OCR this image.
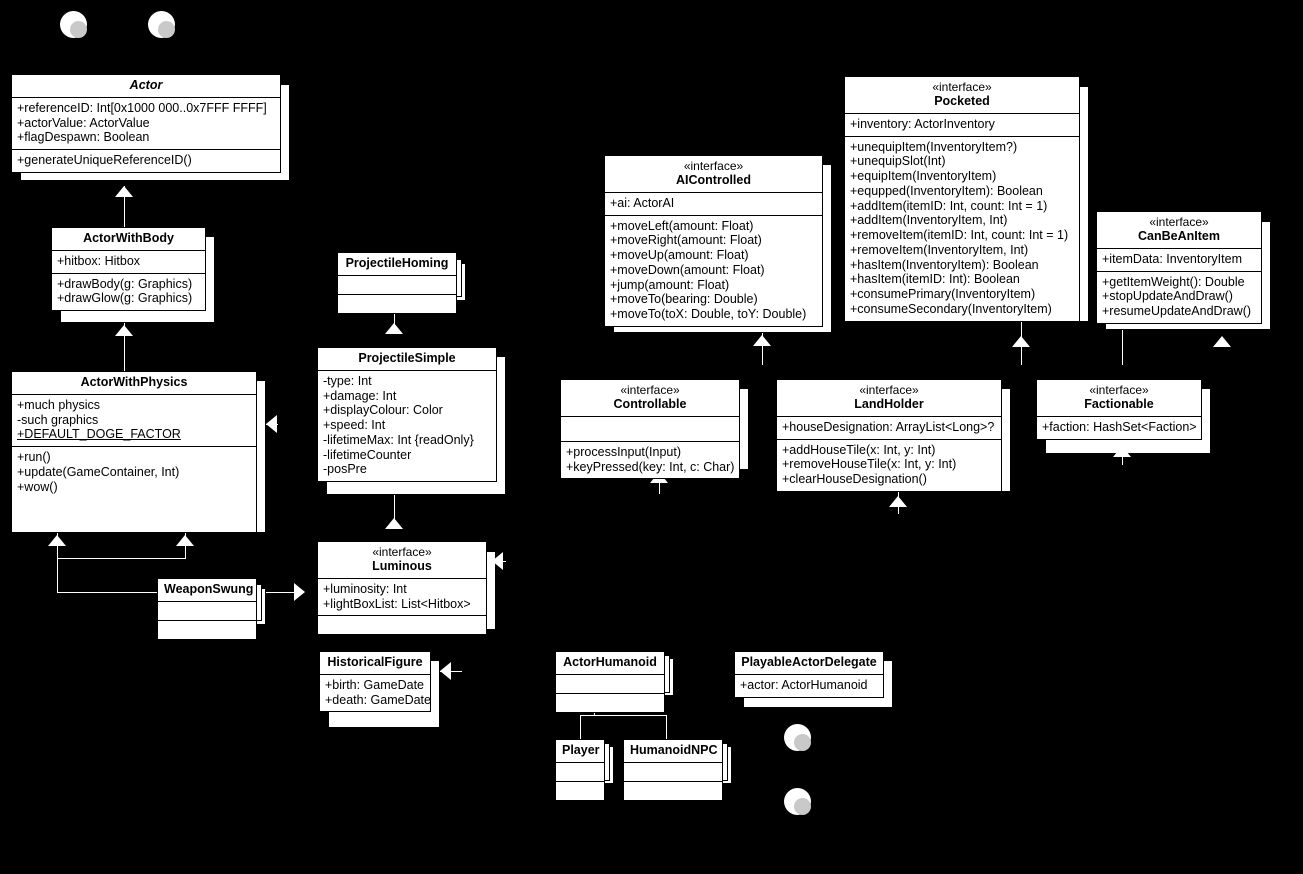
Actor
+referenceID: Int[0x1000 000..0x7FFF FFFF]
+actorValue: ActorValue
+flagDespawn: Boolean
+generateUniqueReferenceID()
ActorWithBody
+hitbox: Hitbox
+drawBody(g: Graphics)
+drawGlow(g: Graphics)
ActorWithPhysics
+much physics
-such graphics
+DEFAULT_DOGE_FACTOR
+run()
+update(GameContainer, Int)
+wow()
WeaponSwung
ProjectileHoming
ProjectileSimple
-type: Int
+damage: Int
+displayColour: Color
+speed: Int
-lifetimeMax: Int {readOnly}
-lifetimeCounter
-posPre
«interface»
Luminous
+luminosity: Int
+lightBoxList: List<Hitbox>
HistoricalFigure
+birth: GameDate
+death: GameDate
«interface»
AIControlled
+ai: ActorAI
+moveLeft(amount: Float)
+moveRight(amount: Float)
+moveUp(amount: Float)
+moveDown(amount: Float)
+jump(amount: Float)
+moveTo(bearing: Double)
+moveTo(toX: Double, toY: Double)
«interface»
Pocketed
+inventory: ActorInventory
+unequipItem(InventoryItem?)
+unequipSlot(Int)
+equipItem(InventoryItem)
+equpped(InventoryItem): Boolean
+addItem(itemID: Int, count: Int = 1)
+addItem(InventoryItem, Int)
+removeItem(itemID: Int, count: Int = 1)
+removeItem(InventoryItem, Int)
+hasItem(InventoryItem): Boolean
+hasItem(itemID: Int): Boolean
+consumePrimary(InventoryItem)
+consumeSecondary(InventoryItem)
«interface»
CanBeAnItem
+itemData: InventoryItem
+getItemWeight(): Double
+stopUpdateAndDraw()
+resumeUpdateAndDraw()
«interface»
Controllable
+processInput(Input)
+keyPressed(key: Int, c: Char)
«interface»
LandHolder
+houseDesignation: ArrayList<Long>?
+addHouseTile(x: Int, y: Int)
+removeHouseTile(x: Int, y: Int)
+clearHouseDesignation()
«interface»
Factionable
+faction: HashSet<Faction>
ActorHumanoid	PlayableActorDelegate
+actor: ActorHumanoid
Player	HumanoidNPC
